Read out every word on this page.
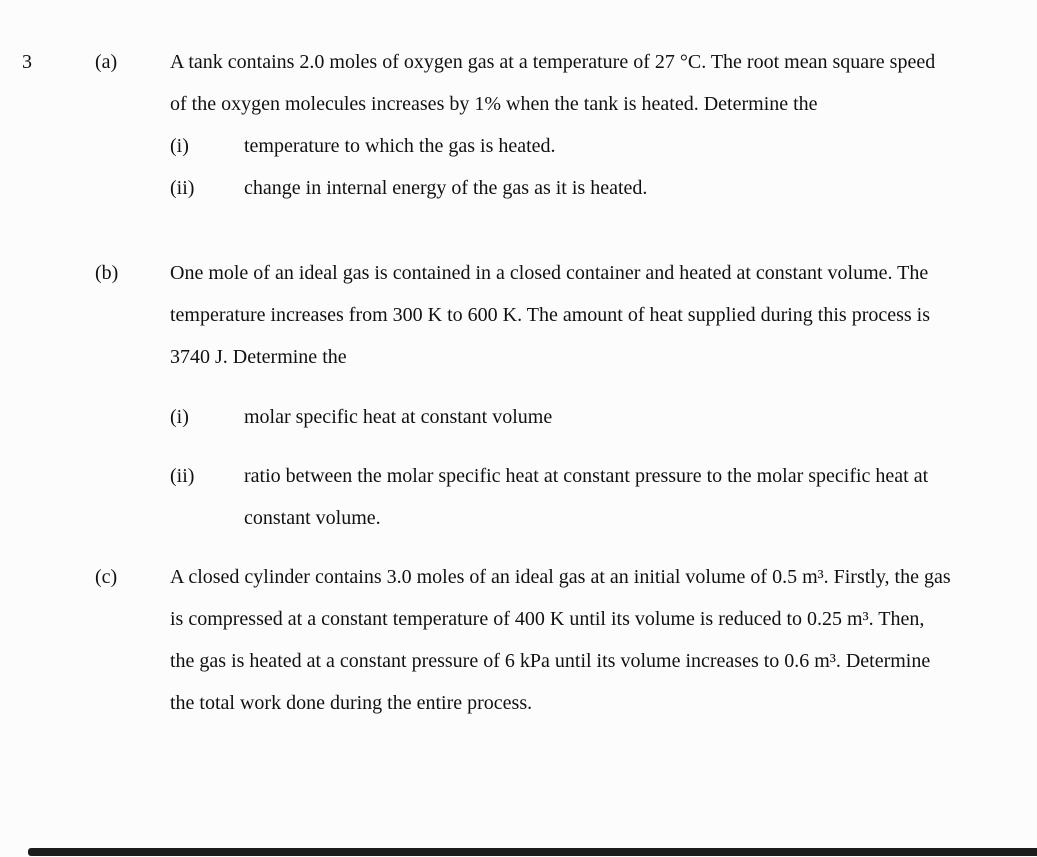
3	(a)	A tank contains 2.0 moles of oxygen gas at a temperature of 27 °C. The root mean square speed of the oxygen molecules increases by 1% when the tank is heated. Determine the
(i)	temperature to which the gas is heated.
(ii)	change in internal energy of the gas as it is heated.
(b)	One mole of an ideal gas is contained in a closed container and heated at constant volume. The temperature increases from 300 K to 600 K. The amount of heat supplied during this process is 3740 J. Determine the
(i)	molar specific heat at constant volume
(ii)	ratio between the molar specific heat at constant pressure to the molar specific heat at constant volume.
(c)	A closed cylinder contains 3.0 moles of an ideal gas at an initial volume of 0.5 m³. Firstly, the gas is compressed at a constant temperature of 400 K until its volume is reduced to 0.25 m³. Then, the gas is heated at a constant pressure of 6 kPa until its volume increases to 0.6 m³. Determine the total work done during the entire process.
